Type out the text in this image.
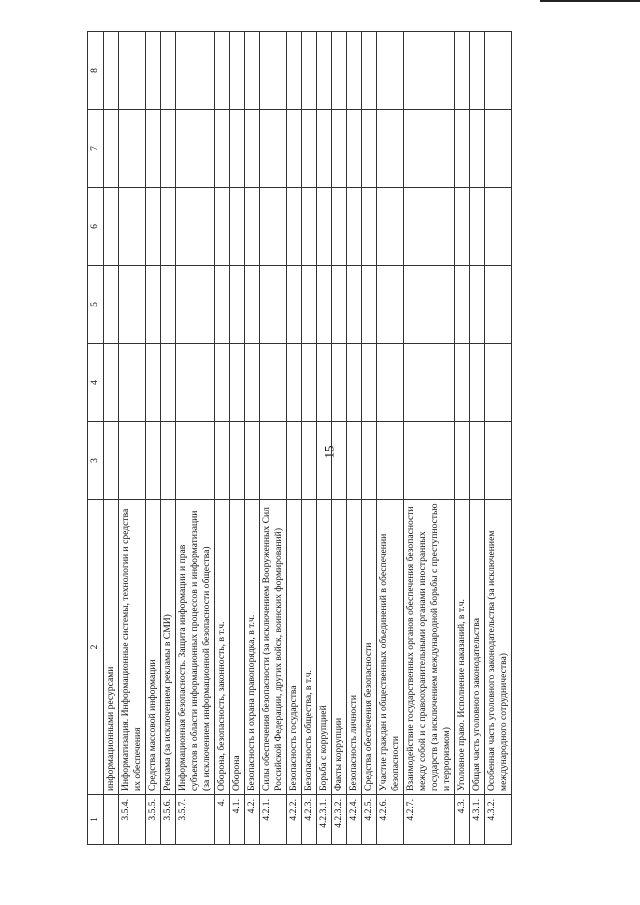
15
1	2	3	4	5	6	7	8
	информационными ресурсами						
3.5.4.	Информатизация. Информационные системы, технологии и средства их обеспечения						
3.5.5.	Средства массовой информации						
3.5.6.	Реклама (за исключением рекламы в СМИ)						
3.5.7.	Информационная безопасность. Защита информации и прав субъектов в области информационных процессов и информатизации (за исключением информационной безопасности общества)						
4.	Оборона, безопасность, законность, в т.ч.						
4.1.	Оборона						
4.2.	Безопасность и охрана правопорядка, в т.ч.						
4.2.1.	Силы обеспечения безопасности (за исключением Вооруженных Сил Российской Федерации, других войск, воинских формирований)						
4.2.2.	Безопасность государства						
4.2.3.	Безопасность общества, в т.ч.						
4.2.3.1.	Борьба с коррупцией						
4.2.3.2.	Факты коррупции						
4.2.4.	Безопасность личности						
4.2.5.	Средства обеспечения безопасности						
4.2.6.	Участие граждан и общественных объединений в обеспечении безопасности						
4.2.7.	Взаимодействие государственных органов обеспечения безопасности между собой и с правоохранительными органами иностранных государств (за исключением международной борьбы с преступностью и терроризмом)						
4.3.	Уголовное право. Исполнение наказаний, в т.ч.						
4.3.1.	Общая часть уголовного законодательства						
4.3.2.	Особенная часть уголовного законодательства (за исключением международного сотрудничества)						
